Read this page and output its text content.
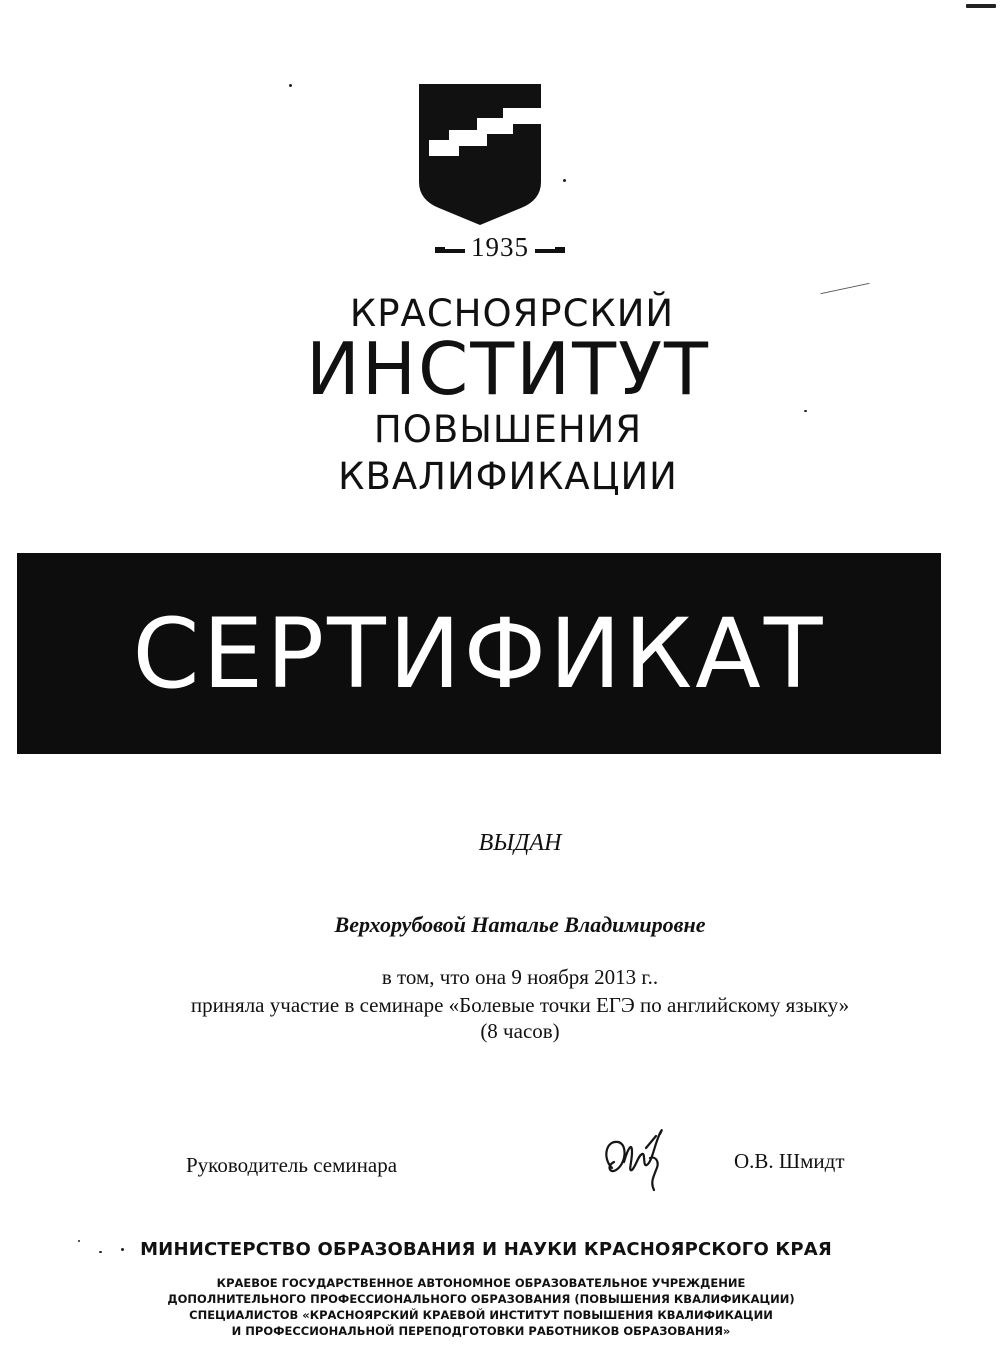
1935
КРАСНОЯРСКИЙ
ИНСТИТУТ
ПОВЫШЕНИЯ
КВАЛИФИКАЦИИ
СЕРТИФИКАТ
ВЫДАН
Верхорубовой Наталье Владимировне
в том, что она 9 ноября 2013 г..
приняла участие в семинаре «Болевые точки ЕГЭ по английскому языку»
(8 часов)
Руководитель семинара	О.В. Шмидт
МИНИСТЕРСТВО ОБРАЗОВАНИЯ И НАУКИ КРАСНОЯРСКОГО КРАЯ
КРАЕВОЕ ГОСУДАРСТВЕННОЕ АВТОНОМНОЕ ОБРАЗОВАТЕЛЬНОЕ УЧРЕЖДЕНИЕ
ДОПОЛНИТЕЛЬНОГО ПРОФЕССИОНАЛЬНОГО ОБРАЗОВАНИЯ (ПОВЫШЕНИЯ КВАЛИФИКАЦИИ)
СПЕЦИАЛИСТОВ «КРАСНОЯРСКИЙ КРАЕВОЙ ИНСТИТУТ ПОВЫШЕНИЯ КВАЛИФИКАЦИИ
И ПРОФЕССИОНАЛЬНОЙ ПЕРЕПОДГОТОВКИ РАБОТНИКОВ ОБРАЗОВАНИЯ»
